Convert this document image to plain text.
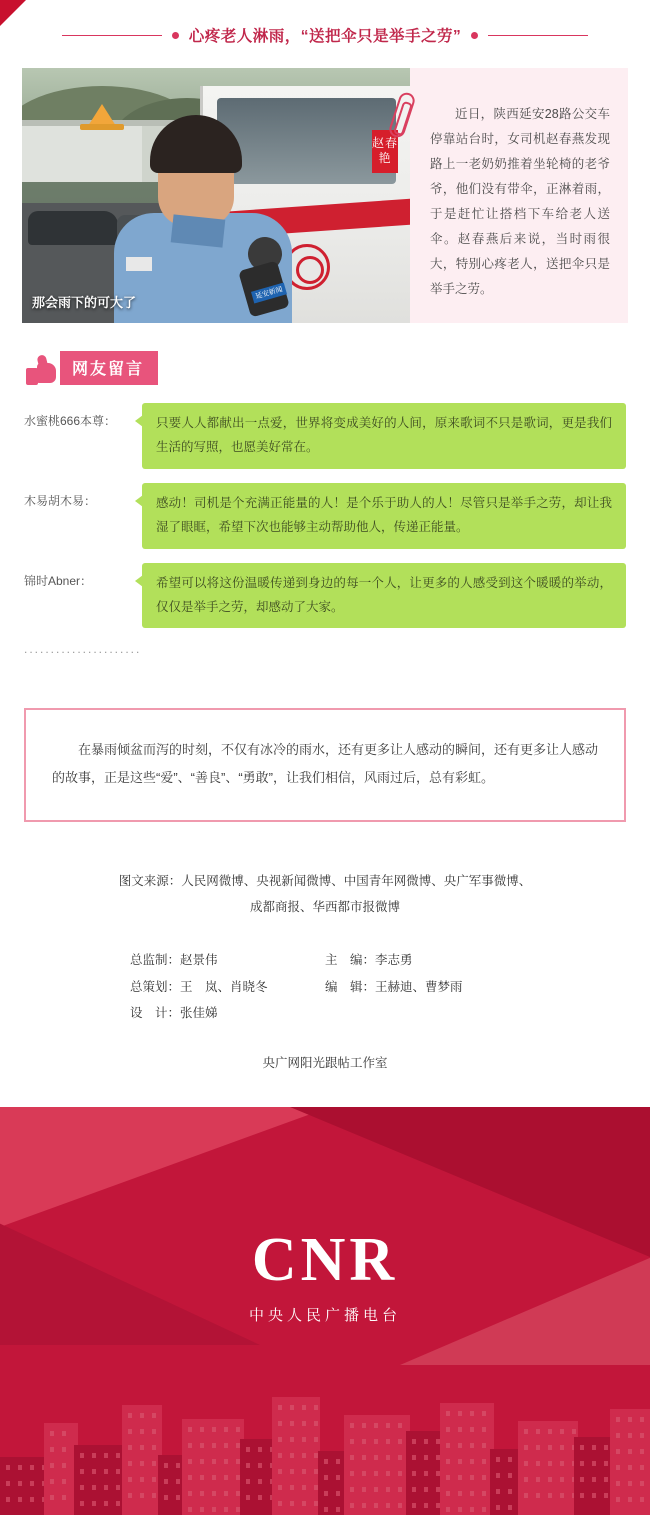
心疼老人淋雨，“送把伞只是举手之劳”
赵春艳
延安新闻
那会雨下的可大了

近日，陕西延安28路公交车停靠站台时，女司机赵春燕发现路上一老奶奶推着坐轮椅的老爷爷，他们没有带伞，正淋着雨，于是赶忙让搭档下车给老人送伞。赵春燕后来说，当时雨很大，特别心疼老人，送把伞只是举手之劳。

网友留言
水蜜桃666本尊：	只要人人都献出一点爱，世界将变成美好的人间，原来歌词不只是歌词，更是我们生活的写照，也愿美好常在。
木易胡木易：	感动！司机是个充满正能量的人！是个乐于助人的人！尽管只是举手之劳，却让我湿了眼眶，希望下次也能够主动帮助他人，传递正能量。
锦时Abner：	希望可以将这份温暖传递到身边的每一个人，让更多的人感受到这个暖暖的举动，仅仅是举手之劳，却感动了大家。
......................

在暴雨倾盆而泻的时刻，不仅有冰冷的雨水，还有更多让人感动的瞬间，还有更多让人感动的故事，正是这些“爱”、“善良”、“勇敢”，让我们相信，风雨过后，总有彩虹。

图文来源：人民网微博、央视新闻微博、中国青年网微博、央广军事微博、
成都商报、华西都市报微博
总监制：赵景伟	主　编：李志勇
总策划：王　岚、肖晓冬	编　辑：王赫迪、曹梦雨
设　计：张佳娣
央广网阳光跟帖工作室
CNR
中央人民广播电台
